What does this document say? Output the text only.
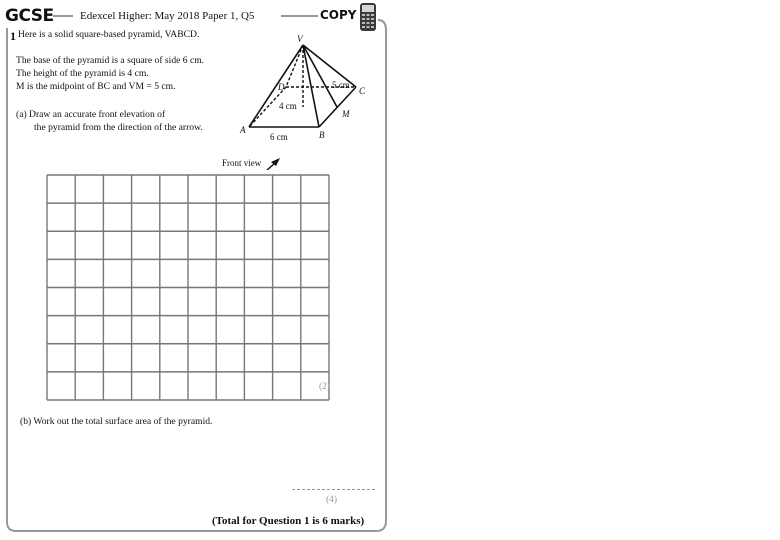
GCSE Edexcel Higher: May 2018 Paper 1, Q5	COPY
1 Here is a solid square-based pyramid, VABCD.
The base of the pyramid is a square of side 6 cm.
The height of the pyramid is 4 cm.
M is the midpoint of BC and VM = 5 cm.
(a) Draw an accurate front elevation of
the pyramid from the direction of the arrow.
V
A	B
C
D
M
5 cm
4 cm
6 cm
Front view
(2)
(b) Work out the total surface area of the pyramid.
(4)
(Total for Question 1 is 6 marks)
